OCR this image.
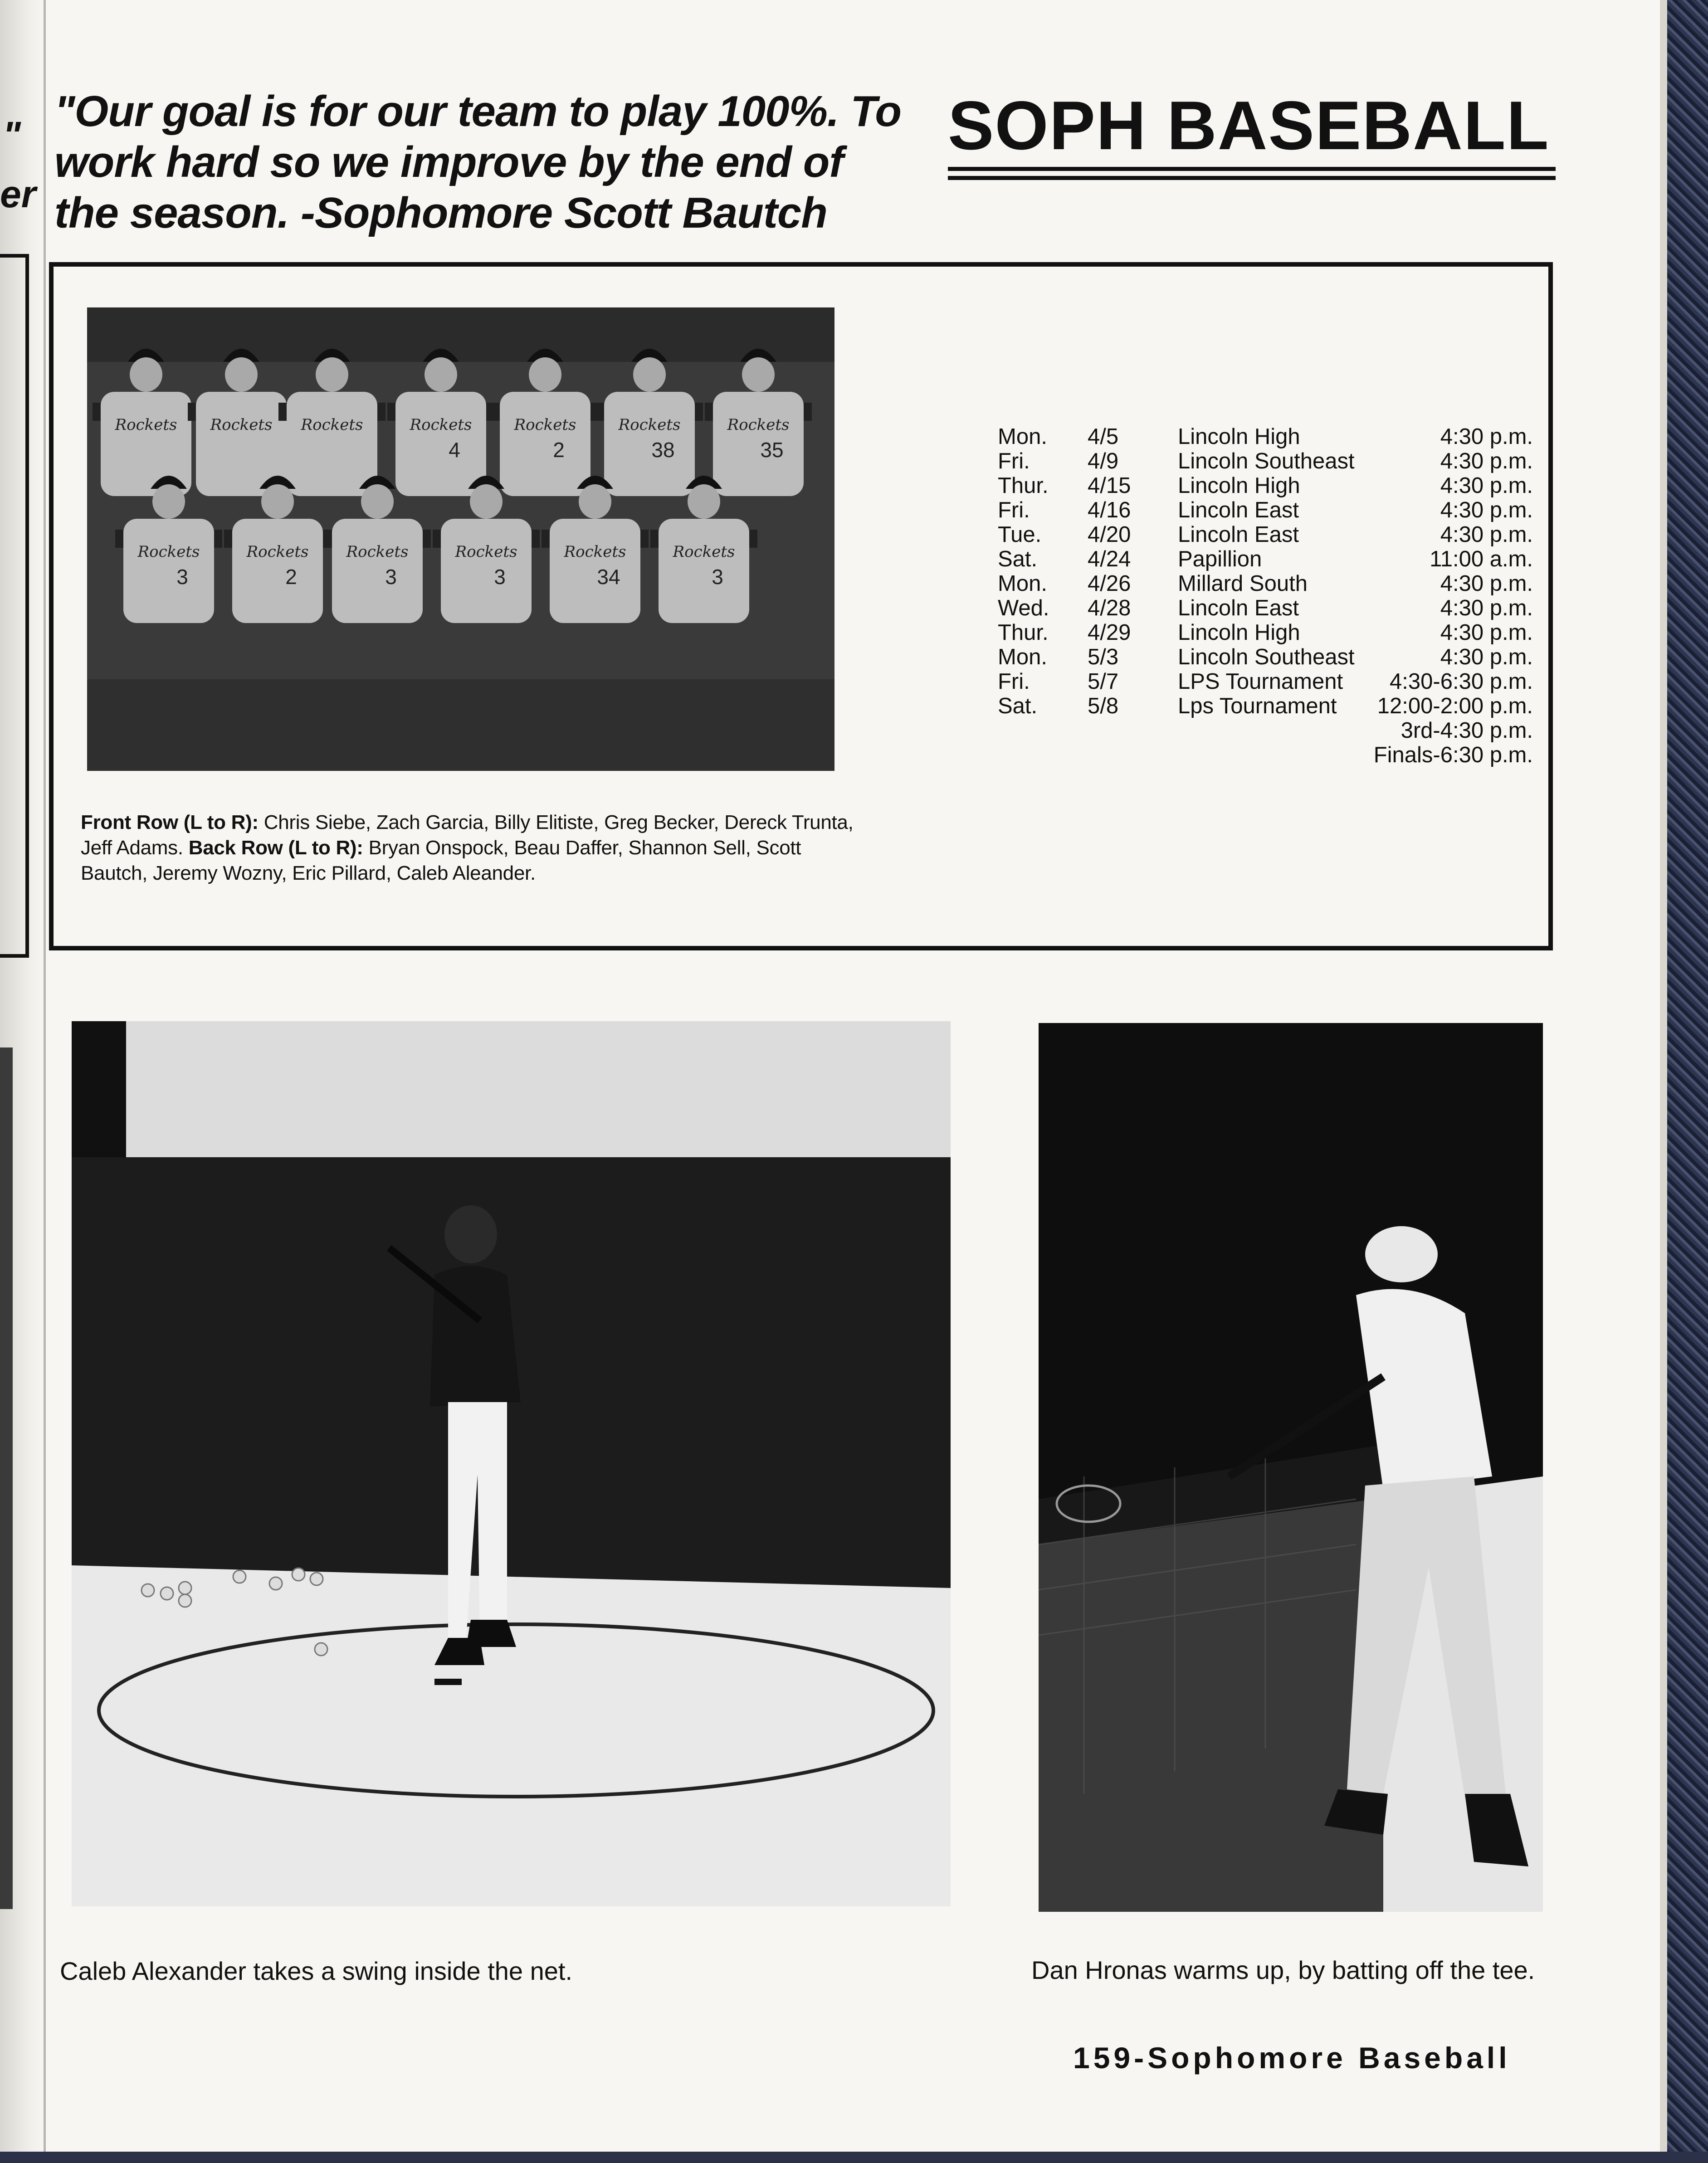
"
er
"Our goal is for our team to play 100%. To
work hard so we improve by the end of
the season. -Sophomore Scott Bautch
SOPH BASEBALL
Rockets Rockets Rockets	Rockets
4
Rockets
2
Rockets
38
Rockets
35
Rockets
3
Rockets
2
Rockets
3
Rockets
3
Rockets
34
Rockets
3
Mon. 4/5	Lincoln High	4:30 p.m.
Fri.	4/9	Lincoln Southeast	4:30 p.m.
Thur. 4/15 Lincoln High	4:30 p.m.
Fri.	4/16 Lincoln East	4:30 p.m.
Tue. 4/20 Lincoln East	4:30 p.m.
Sat. 4/24 Papillion	11:00 a.m.
Mon. 4/26 Millard South	4:30 p.m.
Wed. 4/28 Lincoln East	4:30 p.m.
Thur. 4/29 Lincoln High	4:30 p.m.
Mon. 5/3	Lincoln Southeast	4:30 p.m.
Fri.	5/7	LPS Tournament 4:30-6:30 p.m.
Sat. 5/8	Lps Tournament 12:00-2:00 p.m.
3rd-4:30 p.m.
Finals-6:30 p.m.
Front Row (L to R): Chris Siebe, Zach Garcia, Billy Elitiste, Greg Becker, Dereck Trunta, Jeff Adams. Back Row (L to R): Bryan Onspock, Beau Daffer, Shannon Sell, Scott Bautch, Jeremy Wozny, Eric Pillard, Caleb Aleander.
Caleb Alexander takes a swing inside the net.	Dan Hronas warms up, by batting off the tee.
159-Sophomore Baseball
